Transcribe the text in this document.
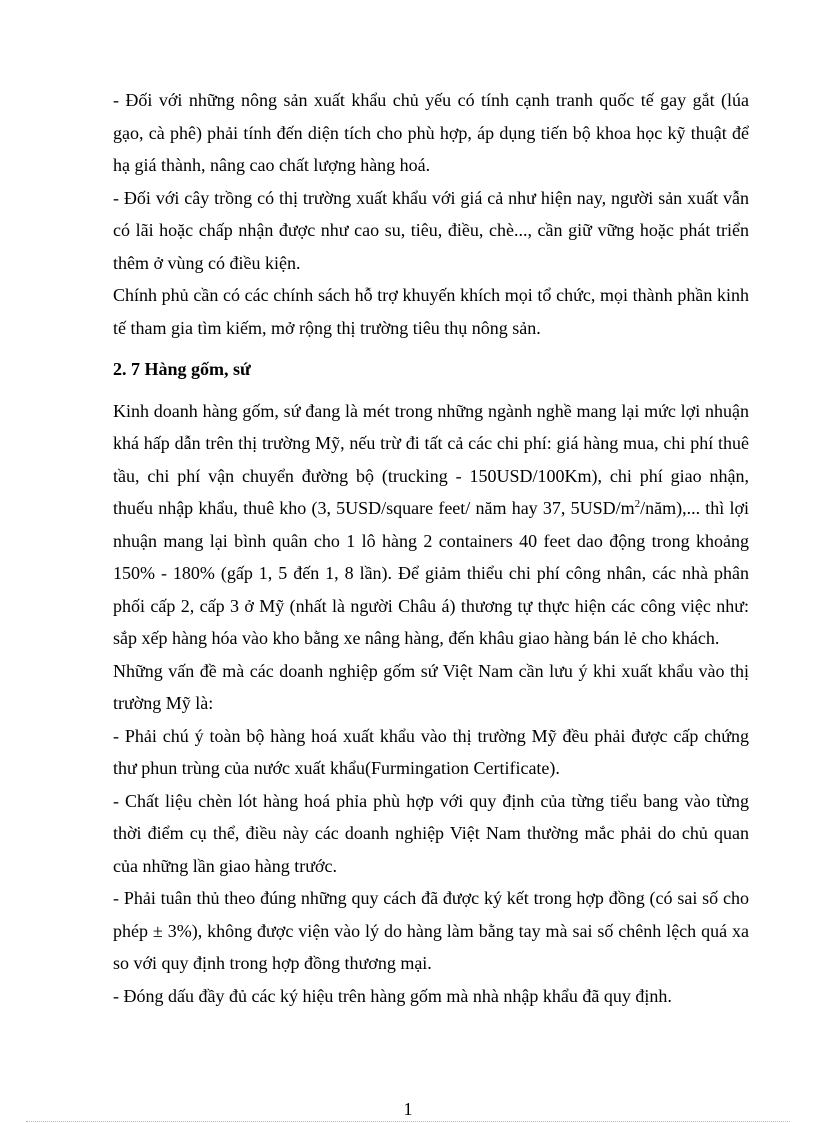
- Đối với những nông sản xuất khẩu chủ yếu có tính cạnh tranh quốc tế gay gắt (lúa gạo, cà phê) phải tính đến diện tích cho phù hợp, áp dụng tiến bộ khoa học kỹ thuật để hạ giá thành, nâng cao chất lượng hàng hoá.

- Đối với cây trồng có thị trường xuất khẩu với giá cả như hiện nay, người sản xuất vẫn có lãi hoặc chấp nhận được như cao su, tiêu, điều, chè..., cần giữ vững hoặc phát triển thêm ở vùng có điều kiện.

Chính phủ cần có các chính sách hỗ trợ khuyến khích mọi tổ chức, mọi thành phần kinh tế tham gia tìm kiếm, mở rộng thị trường tiêu thụ nông sản.

2. 7 Hàng gốm, sứ

Kinh doanh hàng gốm, sứ đang là mét trong những ngành nghề mang lại mức lợi nhuận khá hấp dẫn trên thị trường Mỹ, nếu trừ đi tất cả các chi phí: giá hàng mua, chi phí thuê tầu, chi phí vận chuyển đường bộ (trucking - 150USD/100Km), chi phí giao nhận, thuếu nhập khẩu, thuê kho (3, 5USD/square feet/ năm hay 37, $5USD/m^2/năm$),... thì lợi nhuận mang lại bình quân cho 1 lô hàng 2 containers 40 feet dao động trong khoảng 150% - 180% (gấp 1, 5 đến 1, 8 lần). Để giảm thiểu chi phí công nhân, các nhà phân phối cấp 2, cấp 3 ở Mỹ (nhất là người Châu á) thương tự thực hiện các công việc như: sắp xếp hàng hóa vào kho bằng xe nâng hàng, đến khâu giao hàng bán lẻ cho khách.

Những vấn đề mà các doanh nghiệp gốm sứ Việt Nam cần lưu ý khi xuất khẩu vào thị trường Mỹ là:

- Phải chú ý toàn bộ hàng hoá xuất khẩu vào thị trường Mỹ đều phải được cấp chứng thư phun trùng của nước xuất khẩu(Furmingation Certificate).

- Chất liệu chèn lót hàng hoá phỉa phù hợp với quy định của từng tiểu bang vào từng thời điểm cụ thể, điều này các doanh nghiệp Việt Nam thường mắc phải do chủ quan của những lần giao hàng trước.

- Phải tuân thủ theo đúng những quy cách đã được ký kết trong hợp đồng (có sai số cho phép ± 3%), không được viện vào lý do hàng làm bằng tay mà sai số chênh lệch quá xa so với quy định trong hợp đồng thương mại.

- Đóng dấu đầy đủ các ký hiệu trên hàng gốm mà nhà nhập khẩu đã quy định.

1
